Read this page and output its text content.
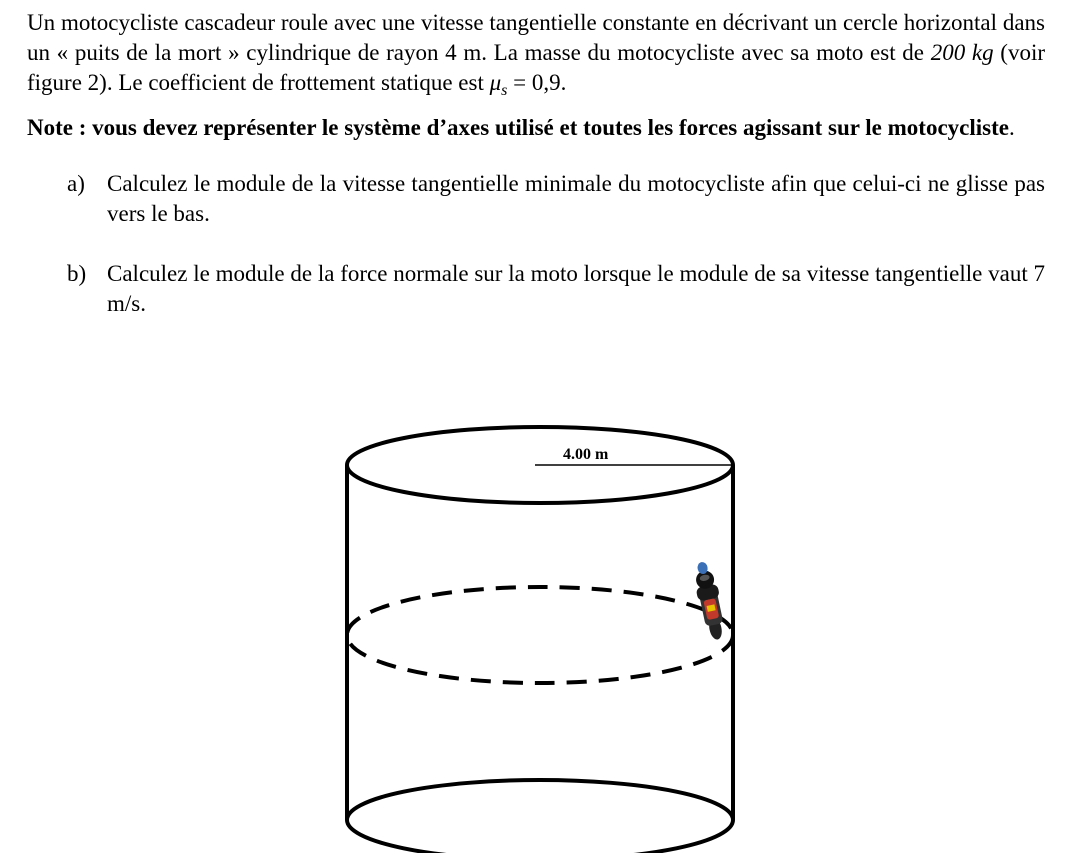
Un motocycliste cascadeur roule avec une vitesse tangentielle constante en décrivant un cercle horizontal dans un « puits de la mort » cylindrique de rayon 4 m. La masse du motocycliste avec sa moto est de 200 kg (voir figure 2). Le coefficient de frottement statique est $\mu_s = 0,9$.

Note : vous devez représenter le système d’axes utilisé et toutes les forces agissant sur le motocycliste.

a) Calculez le module de la vitesse tangentielle minimale du motocycliste afin que celui-ci ne glisse pas vers le bas.
b) Calculez le module de la force normale sur la moto lorsque le module de sa vitesse tangentielle vaut 7 m/s.
4.00 m
